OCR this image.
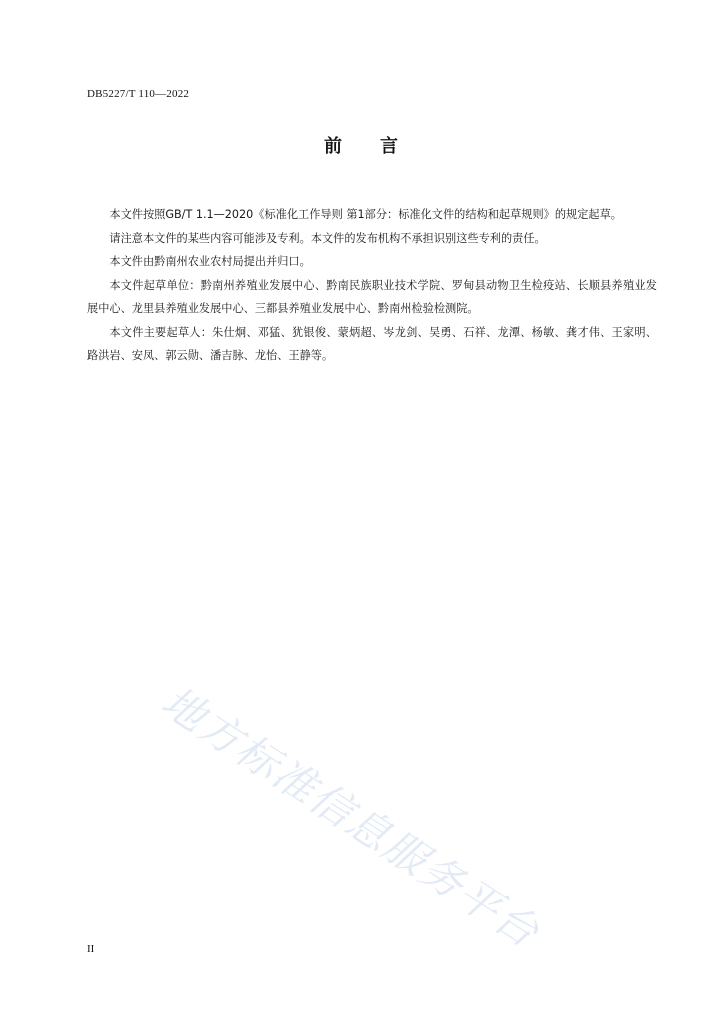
DB5227/T 110—2022
前 言

本文件按照GB/T 1.1—2020《标准化工作导则 第1部分：标准化文件的结构和起草规则》的规定起草。

请注意本文件的某些内容可能涉及专利。本文件的发布机构不承担识别这些专利的责任。

本文件由黔南州农业农村局提出并归口。

本文件起草单位：黔南州养殖业发展中心、黔南民族职业技术学院、罗甸县动物卫生检疫站、长顺县养殖业发展中心、龙里县养殖业发展中心、三都县养殖业发展中心、黔南州检验检测院。

本文件主要起草人：朱仕炯、邓猛、犹银俊、蒙炳超、岑龙剑、吴勇、石祥、龙潭、杨敏、龚才伟、王家明、路洪岩、安凤、郭云勋、潘吉脉、龙怡、王静等。

地方标准信息服务平台
II
